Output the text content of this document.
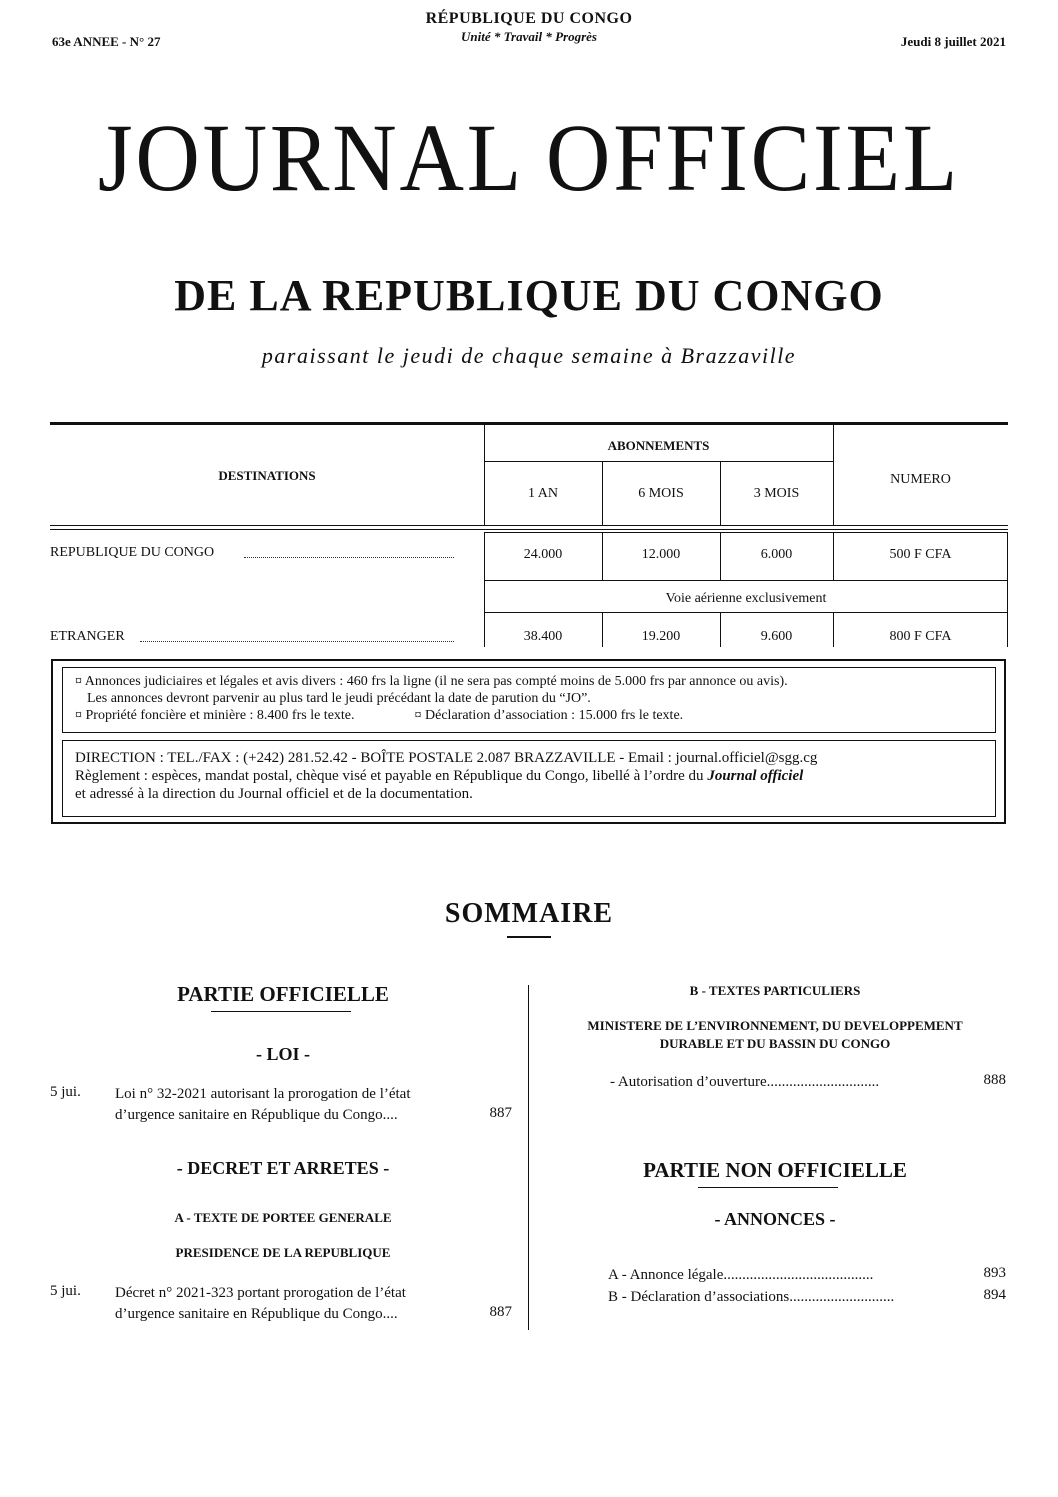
63e ANNEE - N° 27
RÉPUBLIQUE DU CONGO
Unité * Travail * Progrès	Jeudi 8 juillet 2021
JOURNAL OFFICIEL
DE LA REPUBLIQUE DU CONGO
paraissant le jeudi de chaque semaine à Brazzaville
DESTINATIONS
ABONNEMENTS
1 AN	6 MOIS	3 MOIS
NUMERO
REPUBLIQUE DU CONGO	24.000	12.000	6.000	500 F CFA
Voie aérienne exclusivement
ETRANGER	38.400	19.200	9.600	800 F CFA
¤ Annonces judiciaires et légales et avis divers : 460 frs la ligne (il ne sera pas compté moins de 5.000 frs par annonce ou avis).
Les annonces devront parvenir au plus tard le jeudi précédant la date de parution du “JO”.
¤ Propriété foncière et minière : 8.400 frs le texte.	¤ Déclaration d’association : 15.000 frs le texte.
DIRECTION : TEL./FAX : (+242) 281.52.42 - BOÎTE POSTALE 2.087 BRAZZAVILLE - Email : journal.officiel@sgg.cg
Règlement : espèces, mandat postal, chèque visé et payable en République du Congo, libellé à l’ordre du Journal officiel
et adressé à la direction du Journal officiel et de la documentation.
SOMMAIRE
PARTIE OFFICIELLE
- LOI -
5 jui. Loi n° 32-2021 autorisant la prorogation de l’état
d’urgence sanitaire en République du Congo....	887
- DECRET ET ARRETES -
A - TEXTE DE PORTEE GENERALE
PRESIDENCE DE LA REPUBLIQUE
5 jui. Décret n° 2021-323 portant prorogation de l’état
d’urgence sanitaire en République du Congo....	887
B - TEXTES PARTICULIERS
MINISTERE DE L’ENVIRONNEMENT, DU DEVELOPPEMENT
DURABLE ET DU BASSIN DU CONGO
- Autorisation d’ouverture..............................	888
PARTIE NON OFFICIELLE
- ANNONCES -
A - Annonce légale........................................	893
B - Déclaration d’associations............................	894
